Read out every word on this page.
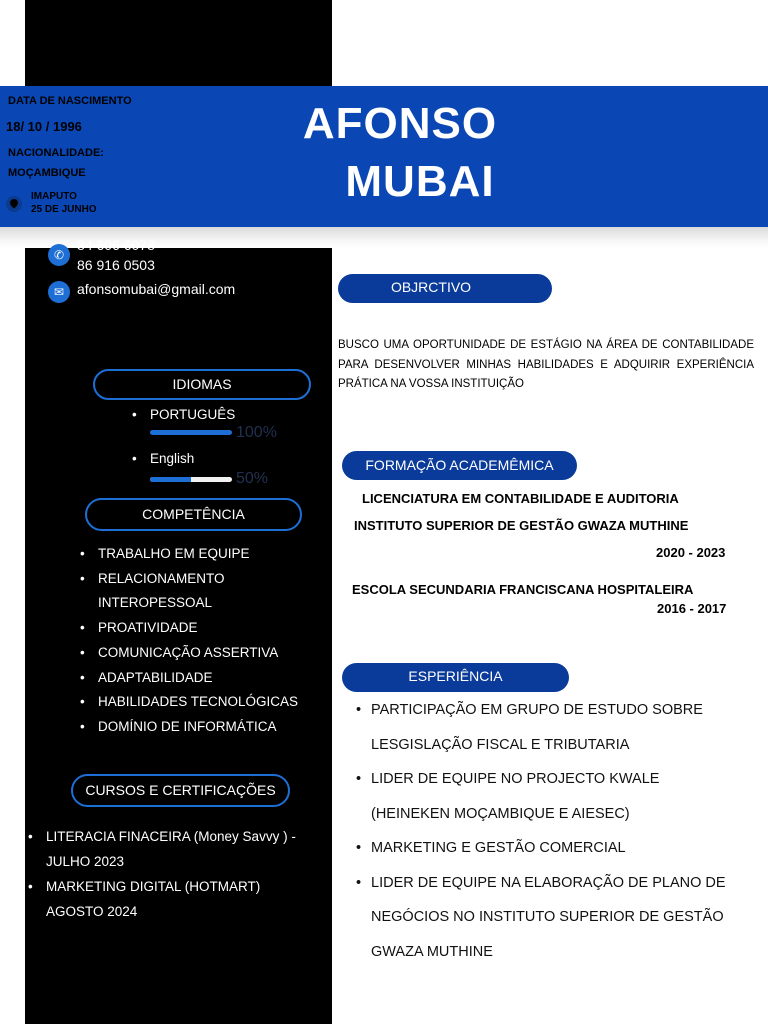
DATA DE NASCIMENTO
18/ 10 / 1996
NACIONALIDADE:
MOÇAMBIQUE
IMAPUTO
25 DE JUNHO
AFONSO
MUBAI
✆
84 606 6078
86 916 0503
✉ afonsomubai@gmail.com
IDIOMAS
• PORTUGUÊS
100%
• English
50%
COMPETÊNCIA
• TRABALHO EM EQUIPE
• RELACIONAMENTO
INTEROPESSOAL
• PROATIVIDADE
• COMUNICAÇÃO ASSERTIVA
• ADAPTABILIDADE
• HABILIDADES TECNOLÓGICAS
• DOMÍNIO DE INFORMÁTICA
CURSOS E CERTIFICAÇÕES
• LITERACIA FINACEIRA (Money Savvy ) -
JULHO 2023
• MARKETING DIGITAL (HOTMART)
AGOSTO 2024
OBJRCTIVO
BUSCO UMA OPORTUNIDADE DE ESTÁGIO NA ÁREA DE CONTABILIDADE PARA DESENVOLVER MINHAS HABILIDADES E ADQUIRIR EXPERIÊNCIA PRÁTICA NA VOSSA INSTITUIÇÃO
FORMAÇÃO ACADEMÊMICA
LICENCIATURA EM CONTABILIDADE E AUDITORIA
INSTITUTO SUPERIOR DE GESTÃO GWAZA MUTHINE
2020 - 2023
ESCOLA SECUNDARIA FRANCISCANA HOSPITALEIRA
2016 - 2017
ESPERIÊNCIA
• PARTICIPAÇÃO EM GRUPO DE ESTUDO SOBRE
LESGISLAÇÃO FISCAL E TRIBUTARIA
• LIDER DE EQUIPE NO PROJECTO KWALE
(HEINEKEN MOÇAMBIQUE E AIESEC)
• MARKETING E GESTÃO COMERCIAL
• LIDER DE EQUIPE NA ELABORAÇÃO DE PLANO DE
NEGÓCIOS NO INSTITUTO SUPERIOR DE GESTÃO
GWAZA MUTHINE
